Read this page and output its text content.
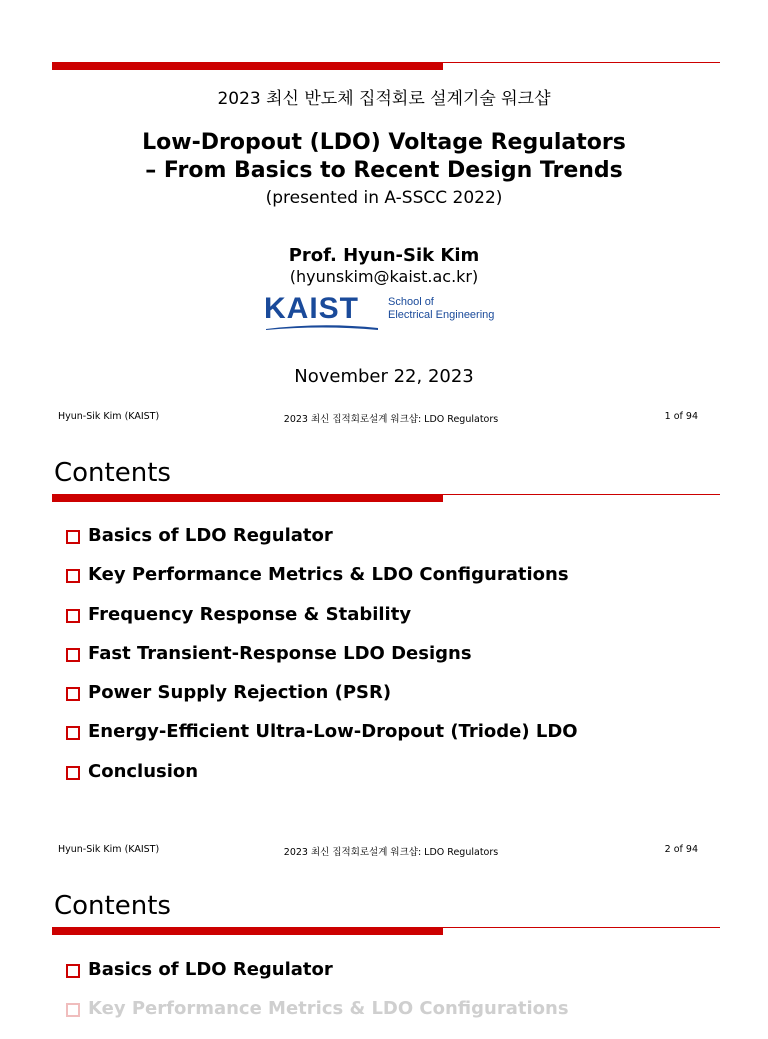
2023 최신 반도체 집적회로 설계기술 워크샵
Low-Dropout (LDO) Voltage Regulators
– From Basics to Recent Design Trends
(presented in A-SSCC 2022)
Prof. Hyun-Sik Kim
(hyunskim@kaist.ac.kr)
KAIST	School of
Electrical Engineering
November 22, 2023
Hyun-Sik Kim (KAIST)	2023 최신 집적회로설계 워크샵: LDO Regulators	1 of 94
Contents
Basics of LDO Regulator
Key Performance Metrics & LDO Configurations
Frequency Response & Stability
Fast Transient-Response LDO Designs
Power Supply Rejection (PSR)
Energy-Efficient Ultra-Low-Dropout (Triode) LDO
Conclusion
Hyun-Sik Kim (KAIST)	2023 최신 집적회로설계 워크샵: LDO Regulators	2 of 94
Contents
Basics of LDO Regulator
Key Performance Metrics & LDO Configurations
